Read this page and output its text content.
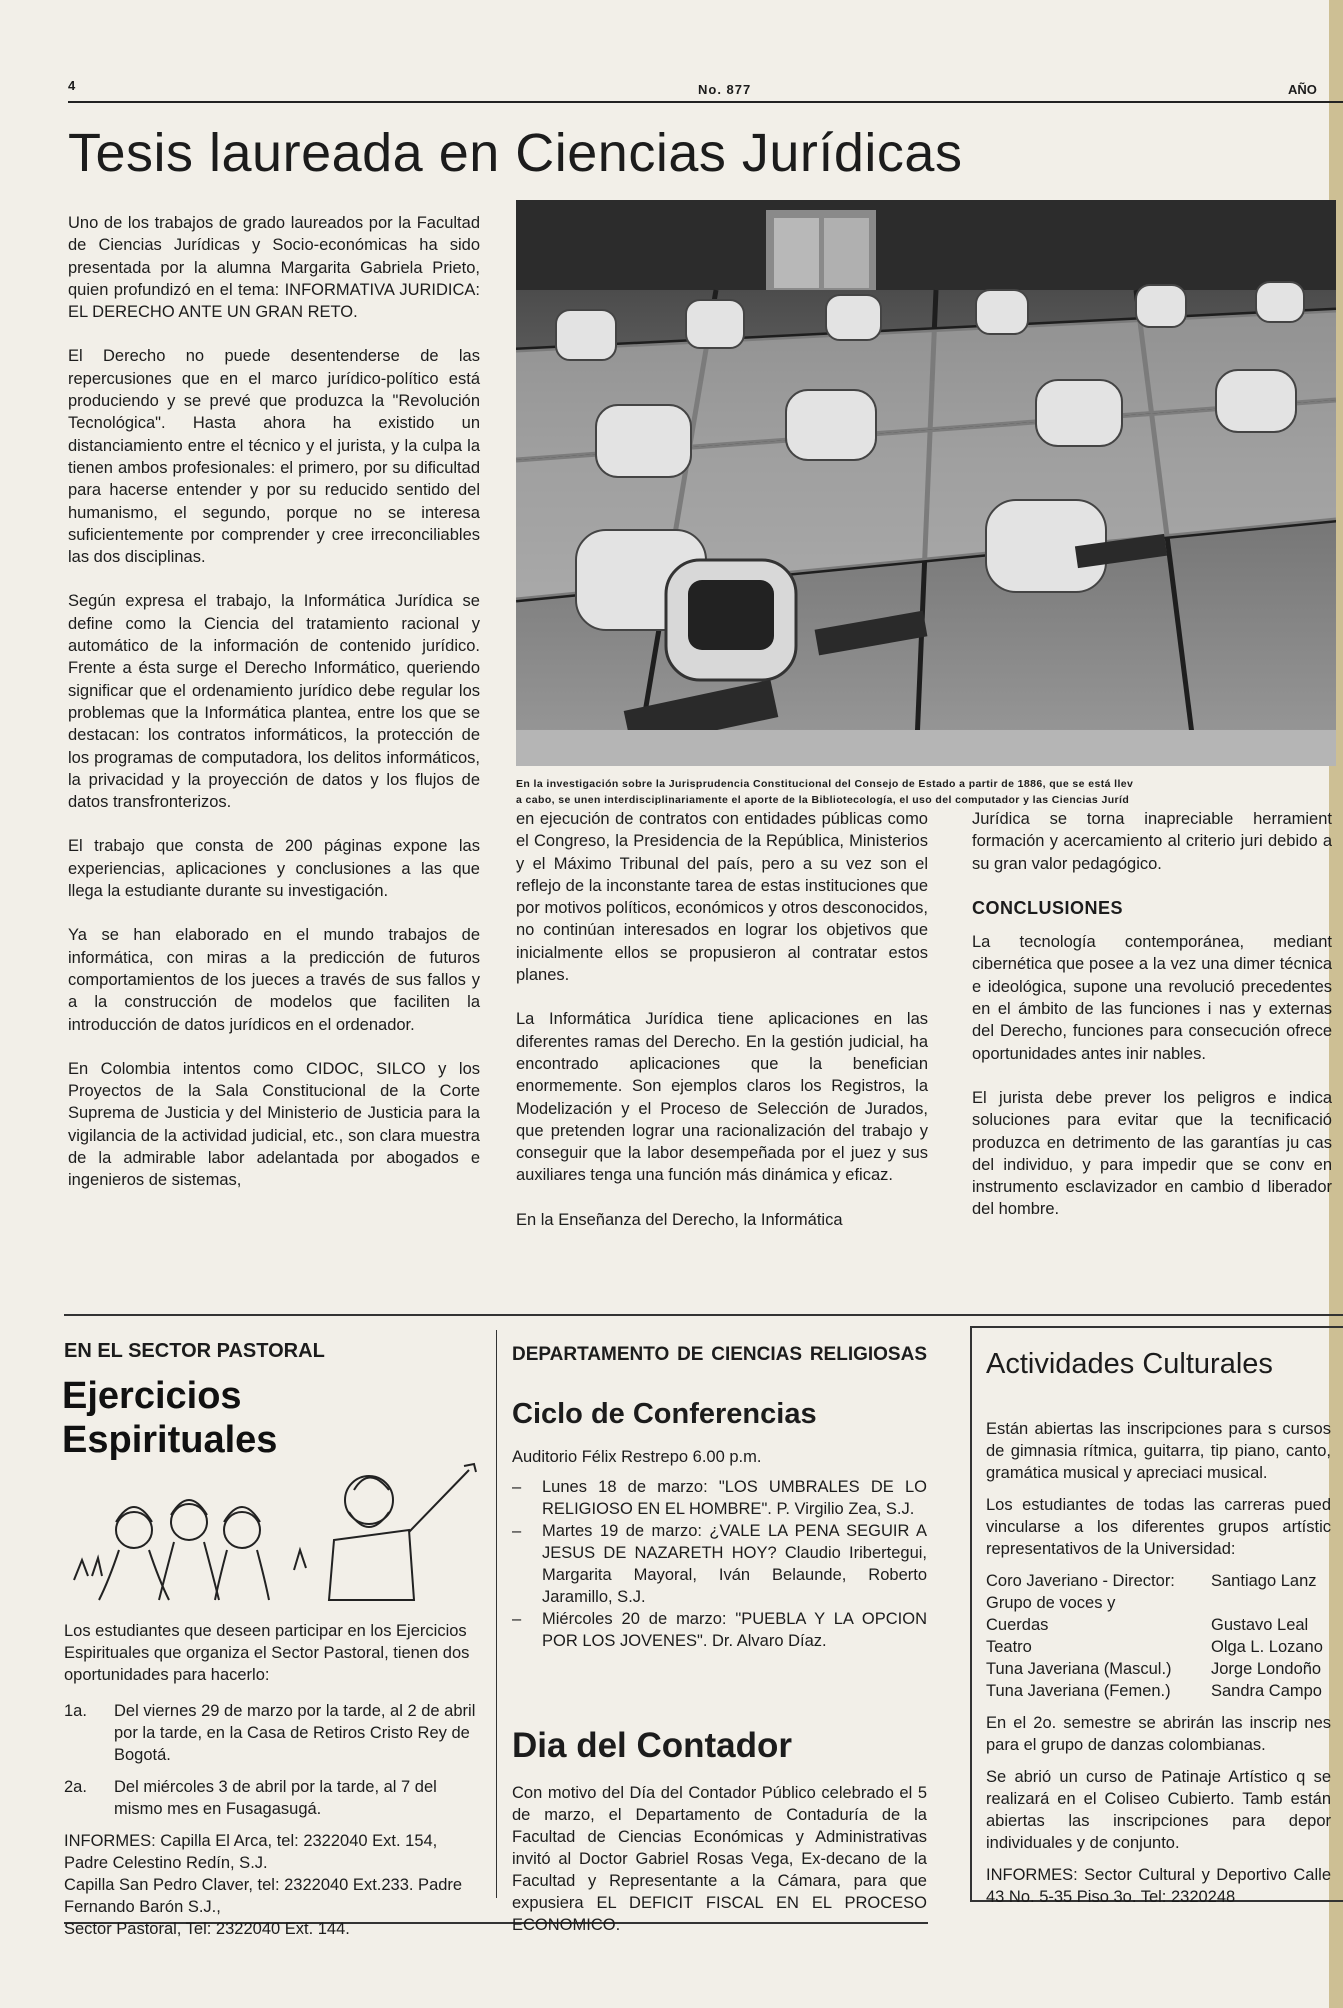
4	No. 877	AÑO
Tesis laureada en Ciencias Jurídicas

Uno de los trabajos de grado laureados por la Facultad de Ciencias Jurídicas y Socio-económicas ha sido presentada por la alumna Margarita Gabriela Prieto, quien profundizó en el tema: INFORMATIVA JURIDICA: EL DERECHO ANTE UN GRAN RETO.

El Derecho no puede desentenderse de las repercusiones que en el marco jurídico-político está produciendo y se prevé que produzca la "Revolución Tecnológica". Hasta ahora ha existido un distanciamiento entre el técnico y el jurista, y la culpa la tienen ambos profesionales: el primero, por su dificultad para hacerse entender y por su reducido sentido del humanismo, el segundo, porque no se interesa suficientemente por comprender y cree irreconciliables las dos disciplinas.

Según expresa el trabajo, la Informática Jurídica se define como la Ciencia del tratamiento racional y automático de la información de contenido jurídico. Frente a ésta surge el Derecho Informático, queriendo significar que el ordenamiento jurídico debe regular los problemas que la Informática plantea, entre los que se destacan: los contratos informáticos, la protección de los programas de computadora, los delitos informáticos, la privacidad y la proyección de datos y los flujos de datos transfronterizos.

El trabajo que consta de 200 páginas expone las experiencias, aplicaciones y conclusiones a las que llega la estudiante durante su investigación.

Ya se han elaborado en el mundo trabajos de informática, con miras a la predicción de futuros comportamientos de los jueces a través de sus fallos y a la construcción de modelos que faciliten la introducción de datos jurídicos en el ordenador.

En Colombia intentos como CIDOC, SILCO y los Proyectos de la Sala Constitucional de la Corte Suprema de Justicia y del Ministerio de Justicia para la vigilancia de la actividad judicial, etc., son clara muestra de la admirable labor adelantada por abogados e ingenieros de sistemas,

En la investigación sobre la Jurisprudencia Constitucional del Consejo de Estado a partir de 1886, que se está llev
a cabo, se unen interdisciplinariamente el aporte de la Bibliotecología, el uso del computador y las Ciencias Juríd

en ejecución de contratos con entidades públicas como el Congreso, la Presidencia de la República, Ministerios y el Máximo Tribunal del país, pero a su vez son el reflejo de la inconstante tarea de estas instituciones que por motivos políticos, económicos y otros desconocidos, no continúan interesados en lograr los objetivos que inicialmente ellos se propusieron al contratar estos planes.

La Informática Jurídica tiene aplicaciones en las diferentes ramas del Derecho. En la gestión judicial, ha encontrado aplicaciones que la benefician enormemente. Son ejemplos claros los Registros, la Modelización y el Proceso de Selección de Jurados, que pretenden lograr una racionalización del trabajo y conseguir que la labor desempeñada por el juez y sus auxiliares tenga una función más dinámica y eficaz.

En la Enseñanza del Derecho, la Informática

Jurídica se torna inapreciable herramient formación y acercamiento al criterio juri debido a su gran valor pedagógico.

CONCLUSIONES

La tecnología contemporánea, mediant cibernética que posee a la vez una dimer técnica e ideológica, supone una revolució precedentes en el ámbito de las funciones i nas y externas del Derecho, funciones para consecución ofrece oportunidades antes inir nables.

El jurista debe prever los peligros e indica soluciones para evitar que la tecnificació produzca en detrimento de las garantías ju cas del individuo, y para impedir que se conv en instrumento esclavizador en cambio d liberador del hombre.

EN EL SECTOR PASTORAL
Ejercicios
Espirituales

Los estudiantes que deseen participar en los Ejercicios Espirituales que organiza el Sector Pastoral, tienen dos oportunidades para hacerlo:

1a.	Del viernes 29 de marzo por la tarde, al 2 de abril por la tarde, en la Casa de Retiros Cristo Rey de Bogotá.
2a.	Del miércoles 3 de abril por la tarde, al 7 del mismo mes en Fusagasugá.
INFORMES: Capilla El Arca, tel: 2322040 Ext. 154, Padre Celestino Redín, S.J.
Capilla San Pedro Claver, tel: 2322040 Ext.233. Padre Fernando Barón S.J.,
Sector Pastoral, Tel: 2322040 Ext. 144.
DEPARTAMENTO DE CIENCIAS RELIGIOSAS
Ciclo de Conferencias
Auditorio Félix Restrepo 6.00 p.m.
–	Lunes 18 de marzo: "LOS UMBRALES DE LO RELIGIOSO EN EL HOMBRE". P. Virgilio Zea, S.J.
–	Martes 19 de marzo: ¿VALE LA PENA SEGUIR A JESUS DE NAZARETH HOY? Claudio Iribertegui, Margarita Mayoral, Iván Belaunde, Roberto Jaramillo, S.J.
–	Miércoles 20 de marzo: "PUEBLA Y LA OPCION POR LOS JOVENES". Dr. Alvaro Díaz.
Dia del Contador
Con motivo del Día del Contador Público celebrado el 5 de marzo, el Departamento de Contaduría de la Facultad de Ciencias Económicas y Administrativas invitó al Doctor Gabriel Rosas Vega, Ex-decano de la Facultad y Representante a la Cámara, para que expusiera EL DEFICIT FISCAL EN EL PROCESO ECONOMICO.
Actividades Culturales

Están abiertas las inscripciones para s cursos de gimnasia rítmica, guitarra, tip piano, canto, gramática musical y apreciaci musical.

Los estudiantes de todas las carreras pued vincularse a los diferentes grupos artístic representativos de la Universidad:

Coro Javeriano - Director:	Santiago Lanz
Grupo de voces y
Cuerdas	Gustavo Leal
Teatro	Olga L. Lozano
Tuna Javeriana (Mascul.)	Jorge Londoño
Tuna Javeriana (Femen.)	Sandra Campo

En el 2o. semestre se abrirán las inscrip nes para el grupo de danzas colombianas.

Se abrió un curso de Patinaje Artístico q se realizará en el Coliseo Cubierto. Tamb están abiertas las inscripciones para depor individuales y de conjunto.

INFORMES: Sector Cultural y Deportivo Calle 43 No. 5-35 Piso 3o. Tel: 2320248
